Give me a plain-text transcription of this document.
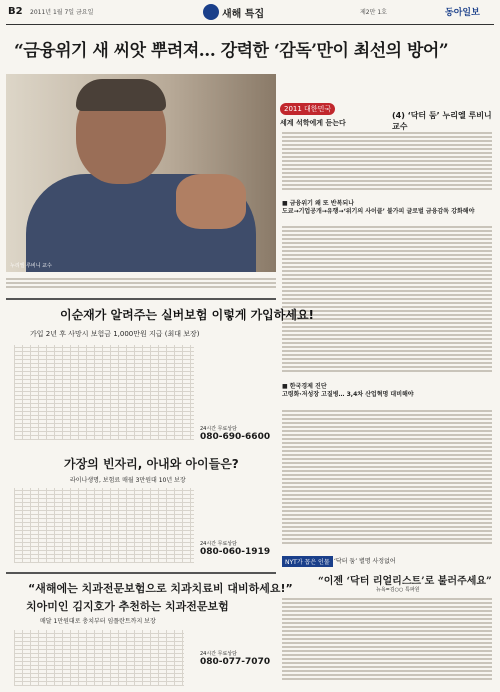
B2 2011년 1월 7일 금요일	새해 특집	제2만 1호	동아일보
“금융위기 새 씨앗 뿌려져… 강력한 ‘감독’만이 최선의 방어”
누리엘 루비니 교수
2011 대한민국
세계 석학에게 듣는다
(4) ‘닥터 둠’ 누리엘 루비니 교수
■ 금융위기 왜 또 반복되나
도쿄→기업공개→유행→‘위기의 사이클’ 불가피 글로벌 금융감독 강화해야
■ 한국경제 진단
고령화·저성장 고질병… 3,4차 산업혁명 대비해야
이순재가 알려주는 실버보험 이렇게 가입하세요!
가입 2년 후 사망시 보험금 1,000만원 지급 (최대 보장)
24시간 무료상담
080-690-6600
가장의 빈자리, 아내와 아이들은?
라이나생명, 보험료 매월 3만원대 10년 보장
24시간 무료상담
080-060-1919
“새해에는 치과전문보험으로 치과치료비 대비하세요!”
치아미인 김지호가 추천하는 치과전문보험
매달 1만원대로 충치부터 임플란트까지 보장
24시간 무료상담
080-077-7070
NYT가 꼽은 인물 ‘닥터 둠’ 별명 사정없어
“이젠 ‘닥터 리얼리스트’로 불러주세요”
뉴욕=김○○ 특파원
